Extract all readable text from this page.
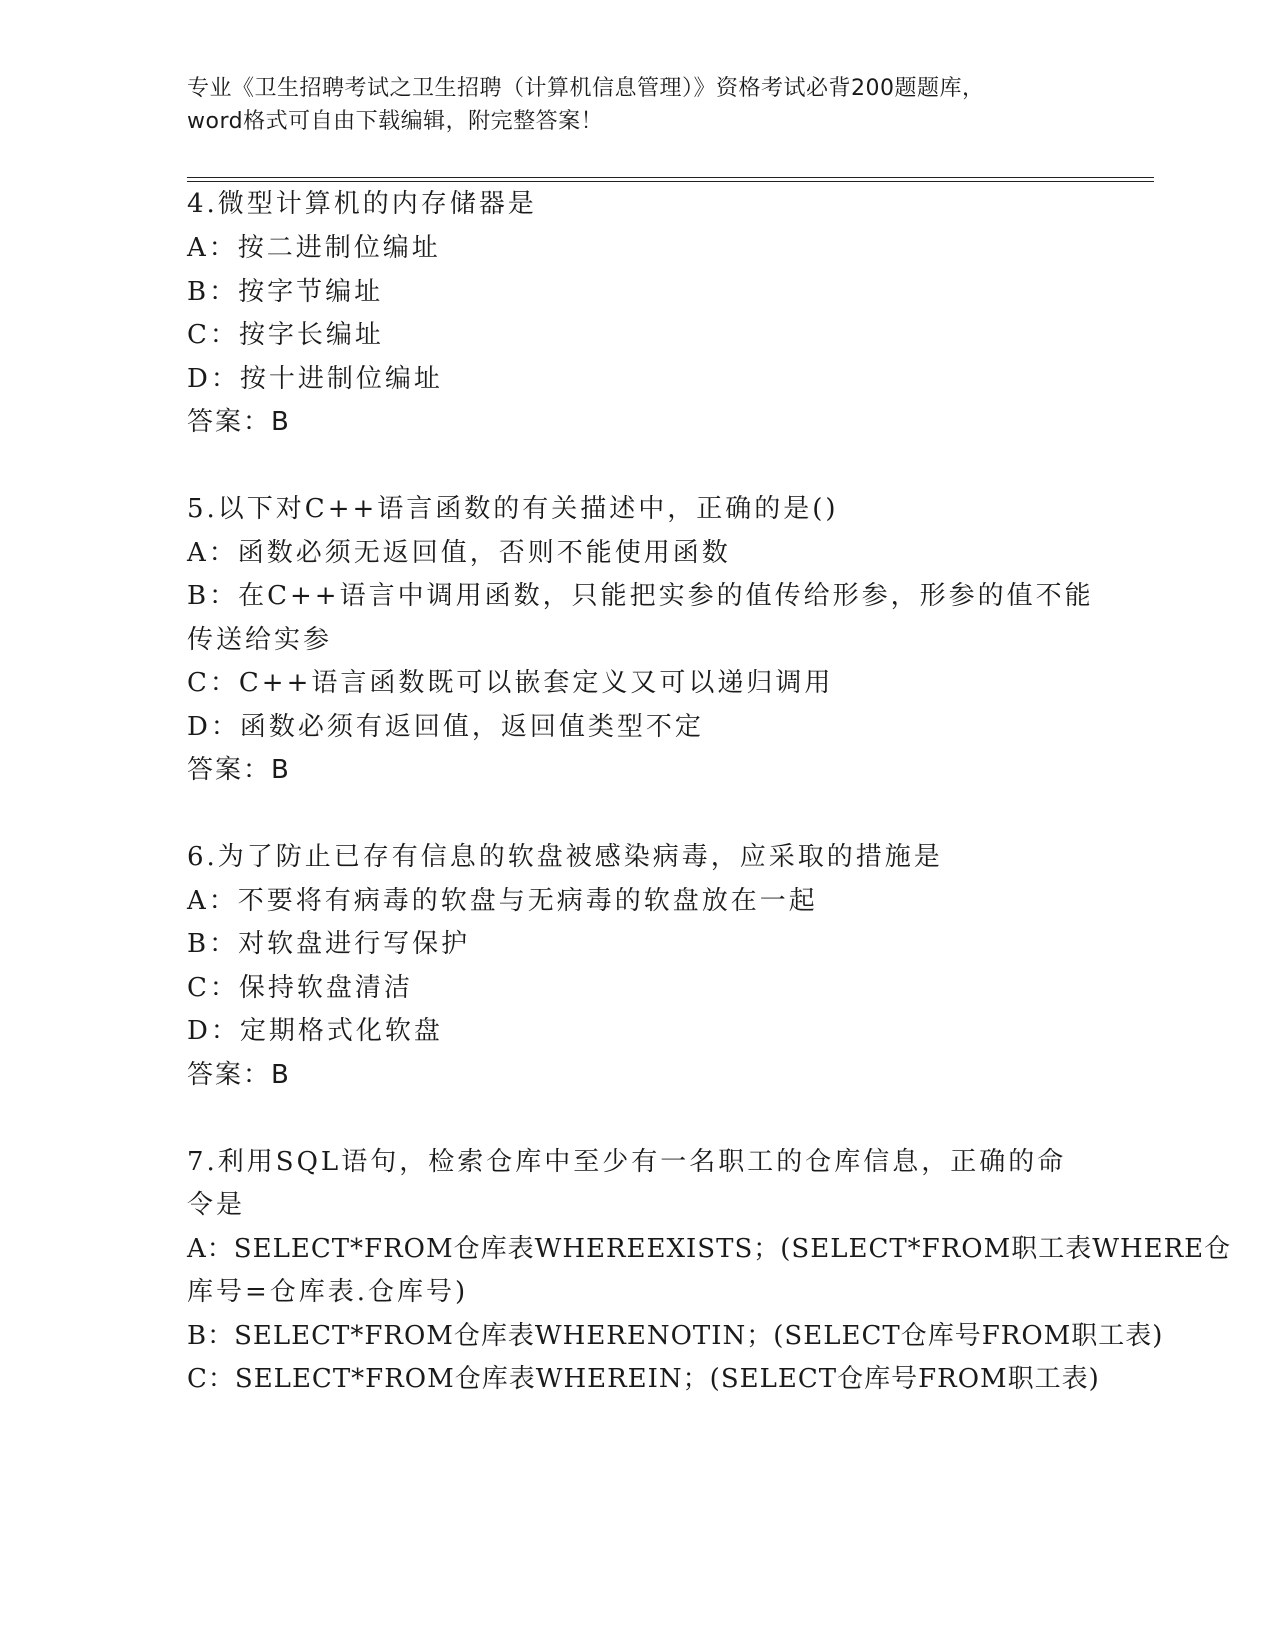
专业《卫生招聘考试之卫生招聘（计算机信息管理）》资格考试必背200题题库，
word格式可自由下载编辑，附完整答案！
4.微型计算机的内存储器是
A：按二进制位编址
B：按字节编址
C：按字长编址
D：按十进制位编址
答案：B
5.以下对C++语言函数的有关描述中，正确的是()
A：函数必须无返回值，否则不能使用函数
B：在C++语言中调用函数，只能把实参的值传给形参，形参的值不能
传送给实参
C：C++语言函数既可以嵌套定义又可以递归调用
D：函数必须有返回值，返回值类型不定
答案：B
6.为了防止已存有信息的软盘被感染病毒，应采取的措施是
A：不要将有病毒的软盘与无病毒的软盘放在一起
B：对软盘进行写保护
C：保持软盘清洁
D：定期格式化软盘
答案：B
7.利用SQL语句，检索仓库中至少有一名职工的仓库信息，正确的命
令是
A：SELECT*FROM仓库表WHEREEXISTS；(SELECT*FROM职工表WHERE仓
库号=仓库表.仓库号)
B：SELECT*FROM仓库表WHERENOTIN；(SELECT仓库号FROM职工表)
C：SELECT*FROM仓库表WHEREIN；(SELECT仓库号FROM职工表)
